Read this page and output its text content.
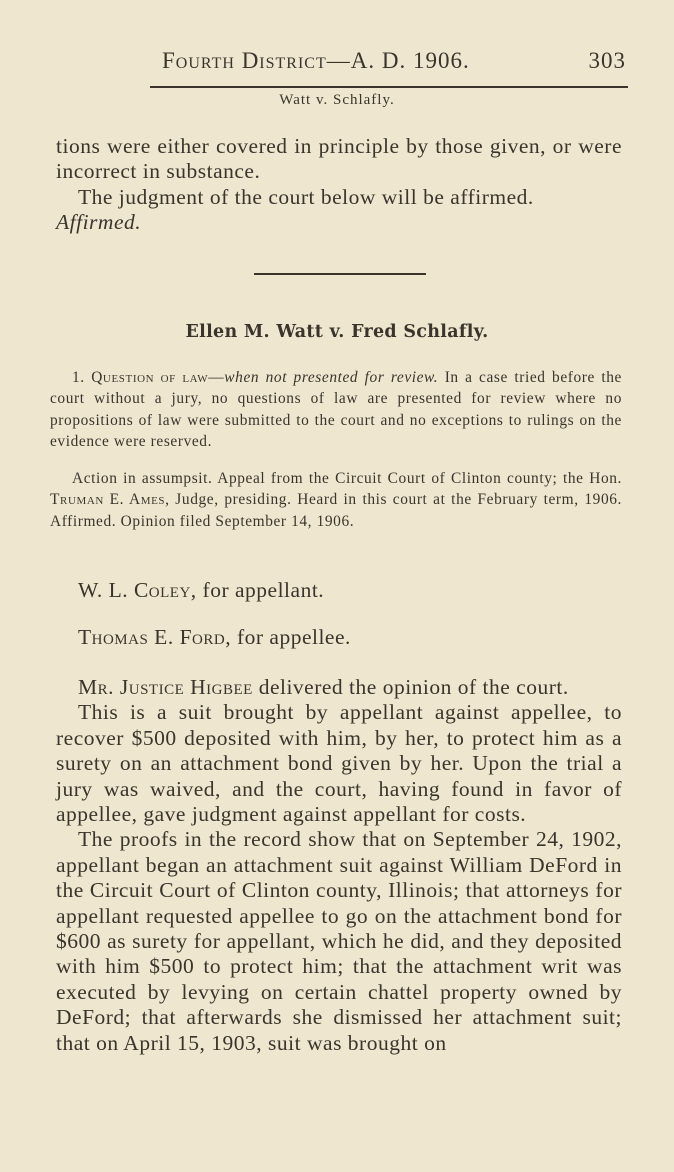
Fourth District—A. D. 1906.	303
Watt v. Schlafly.

tions were either covered in principle by those given, or were incorrect in substance.

The judgment of the court below will be affirmed.

Affirmed.

Ellen M. Watt v. Fred Schlafly.

1. Question of law—when not presented for review. In a case tried before the court without a jury, no questions of law are presented for review where no propositions of law were submitted to the court and no exceptions to rulings on the evidence were reserved.

Action in assumpsit. Appeal from the Circuit Court of Clinton county; the Hon. Truman E. Ames, Judge, presiding. Heard in this court at the February term, 1906. Affirmed. Opinion filed September 14, 1906.

W. L. Coley, for appellant.
Thomas E. Ford, for appellee.

Mr. Justice Higbee delivered the opinion of the court.

This is a suit brought by appellant against appellee, to recover $500 deposited with him, by her, to protect him as a surety on an attachment bond given by her. Upon the trial a jury was waived, and the court, having found in favor of appellee, gave judgment against appellant for costs.

The proofs in the record show that on September 24, 1902, appellant began an attachment suit against William DeFord in the Circuit Court of Clinton county, Illinois; that attorneys for appellant requested appellee to go on the attachment bond for $600 as surety for appellant, which he did, and they deposited with him $500 to protect him; that the attachment writ was executed by levying on certain chattel property owned by DeFord; that afterwards she dismissed her attachment suit; that on April 15, 1903, suit was brought on
